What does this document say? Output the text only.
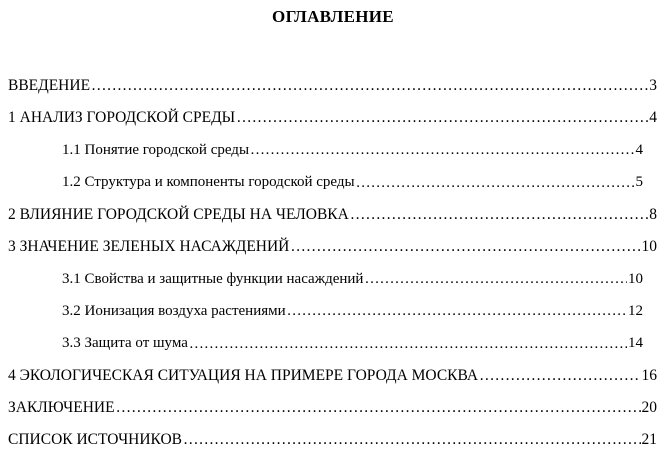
ОГЛАВЛЕНИЕ
ВВЕДЕНИЕ …………………………………………………………………………………………………………………………………………………………………………	3
1 АНАЛИЗ ГОРОДСКОЙ СРЕДЫ …………………………………………………………………………………………………………………………………………………………………………	4
1.1 Понятие городской среды …………………………………………………………………………………………………………………………………………………………………………	4
1.2 Структура и компоненты городской среды …………………………………………………………………………………………………………………………………………………………………………	5
2 ВЛИЯНИЕ ГОРОДСКОЙ СРЕДЫ НА ЧЕЛОВКА …………………………………………………………………………………………………………………………………………………………………………	8
3 ЗНАЧЕНИЕ ЗЕЛЕНЫХ НАСАЖДЕНИЙ …………………………………………………………………………………………………………………………………………………………………………	10
3.1 Свойства и защитные функции насаждений …………………………………………………………………………………………………………………………………………………………………………	10
3.2 Ионизация воздуха растениями …………………………………………………………………………………………………………………………………………………………………………	12
3.3 Защита от шума …………………………………………………………………………………………………………………………………………………………………………	14
4 ЭКОЛОГИЧЕСКАЯ СИТУАЦИЯ НА ПРИМЕРЕ ГОРОДА МОСКВА …………………………………………………………………………………………………………………………………………………………………………	16
ЗАКЛЮЧЕНИЕ …………………………………………………………………………………………………………………………………………………………………………	20
СПИСОК ИСТОЧНИКОВ …………………………………………………………………………………………………………………………………………………………………………	21
